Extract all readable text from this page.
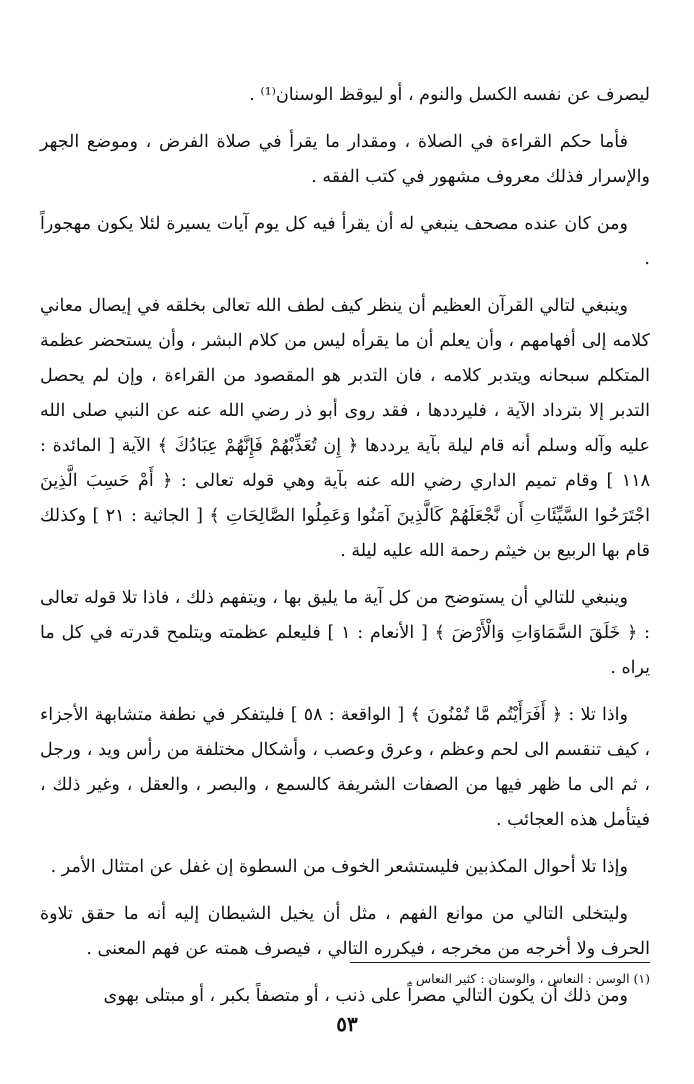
ليصرف عن نفسه الكسل والنوم ، أو ليوقظ الوسنان⁽¹⁾ .

فأما حكم القراءة في الصلاة ، ومقدار ما يقرأ في صلاة الفرض ، وموضع الجهر والإسرار فذلك معروف مشهور في كتب الفقه .

ومن كان عنده مصحف ينبغي له أن يقرأ فيه كل يوم آيات يسيرة لئلا يكون مهجوراً .

وينبغي لتالي القرآن العظيم أن ينظر كيف لطف الله تعالى بخلقه في إيصال معاني كلامه إلى أفهامهم ، وأن يعلم أن ما يقرأه ليس من كلام البشر ، وأن يستحضر عظمة المتكلم سبحانه ويتدبر كلامه ، فان التدبر هو المقصود من القراءة ، وإن لم يحصل التدبر إلا بترداد الآية ، فليرددها ، فقد روى أبو ذر رضي الله عنه عن النبي صلى الله عليه وآله وسلم أنه قام ليلة بآية يرددها ﴿ إِن تُعَذِّبْهُمْ فَإِنَّهُمْ عِبَادُكَ ﴾ الآية [ المائدة : ١١٨ ] وقام تميم الداري رضي الله عنه بآية وهي قوله تعالى : ﴿ أَمْ حَسِبَ الَّذِينَ اجْتَرَحُوا السَّيِّئَاتِ أَن نَّجْعَلَهُمْ كَالَّذِينَ آمَنُوا وَعَمِلُوا الصَّالِحَاتِ ﴾ [ الجاثية : ٢١ ] وكذلك قام بها الربيع بن خيثم رحمة الله عليه ليلة .

وينبغي للتالي أن يستوضح من كل آية ما يليق بها ، ويتفهم ذلك ، فاذا تلا قوله تعالى : ﴿ خَلَقَ السَّمَاوَاتِ وَالْأَرْضَ ﴾ [ الأنعام : ١ ] فليعلم عظمته ويتلمح قدرته في كل ما يراه .

واذا تلا : ﴿ أَفَرَأَيْتُم مَّا تُمْنُونَ ﴾ [ الواقعة : ٥٨ ] فليتفكر في نطفة متشابهة الأجزاء ، كيف تنقسم الى لحم وعظم ، وعرق وعصب ، وأشكال مختلفة من رأس ويد ، ورجل ، ثم الى ما ظهر فيها من الصفات الشريفة كالسمع ، والبصر ، والعقل ، وغير ذلك ، فيتأمل هذه العجائب .

وإذا تلا أحوال المكذبين فليستشعر الخوف من السطوة إن غفل عن امتثال الأمر .

وليتخلى التالي من موانع الفهم ، مثل أن يخيل الشيطان إليه أنه ما حقق تلاوة الحرف ولا أخرجه من مخرجه ، فيكرره التالي ، فيصرف همته عن فهم المعنى .

ومن ذلك أن يكون التالي مصراً على ذنب ، أو متصفاً بكبر ، أو مبتلى بهوى

(١) الوسن : النعاس ، والوسنان : كثير النعاس .
٥٣
